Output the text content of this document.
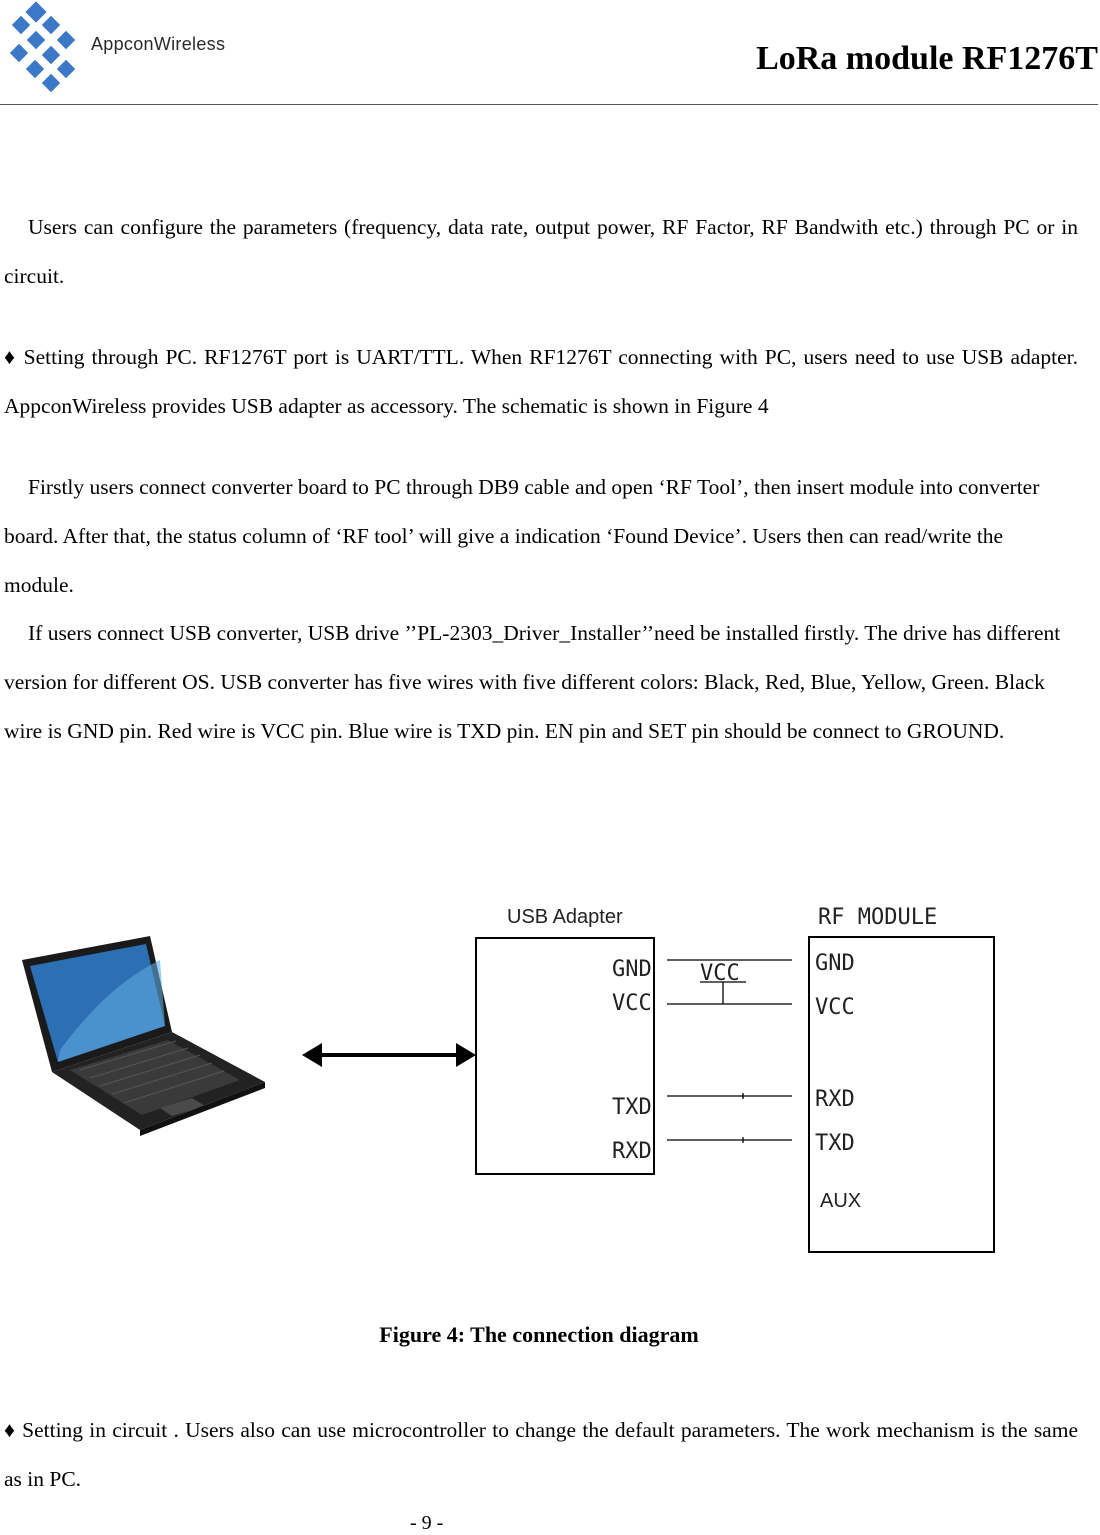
AppconWireless	LoRa module RF1276T

Users can configure the parameters (frequency, data rate, output power, RF Factor, RF Bandwith etc.) through PC or in circuit.

♦ Setting through PC. RF1276T port is UART/TTL. When RF1276T connecting with PC, users need to use USB adapter. AppconWireless provides USB adapter as accessory. The schematic is shown in Figure 4

Firstly users connect converter board to PC through DB9 cable and open ‘RF Tool’, then insert module into converter board. After that, the status column of ‘RF tool’ will give a indication ‘Found Device’. Users then can read/write the module.

If users connect USB converter, USB drive ’’PL-2303_Driver_Installer’’need be installed firstly. The drive has different version for different OS. USB converter has five wires with five different colors: Black, Red, Blue, Yellow, Green. Black wire is GND pin. Red wire is VCC pin. Blue wire is TXD pin. EN pin and SET pin should be connect to GROUND.

USB Adapter
GND
VCC
TXD
RXD
VCC
RF MODULE
GND
VCC
RXD
TXD
AUX
Figure 4: The connection diagram

♦ Setting in circuit . Users also can use microcontroller to change the default parameters. The work mechanism is the same as in PC.

- 9 -
